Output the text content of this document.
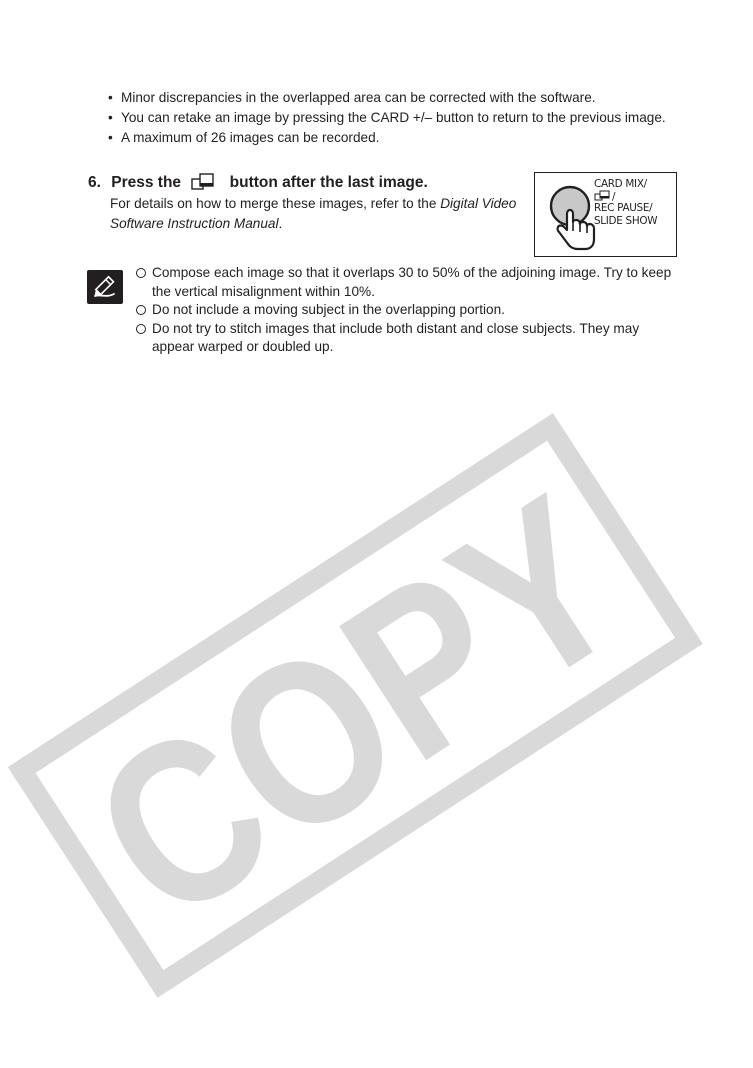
COPY
• Minor discrepancies in the overlapped area can be corrected with the software.
• You can retake an image by pressing the CARD +/– button to return to the previous image.
• A maximum of 26 images can be recorded.
6. Press the	button after the last image.
For details on how to merge these images, refer to the Digital Video Software Instruction Manual.
CARD MIX/
/
REC PAUSE/
SLIDE SHOW
Compose each image so that it overlaps 30 to 50% of the adjoining image. Try to keep the vertical misalignment within 10%.
Do not include a moving subject in the overlapping portion.
Do not try to stitch images that include both distant and close subjects. They may appear warped or doubled up.
